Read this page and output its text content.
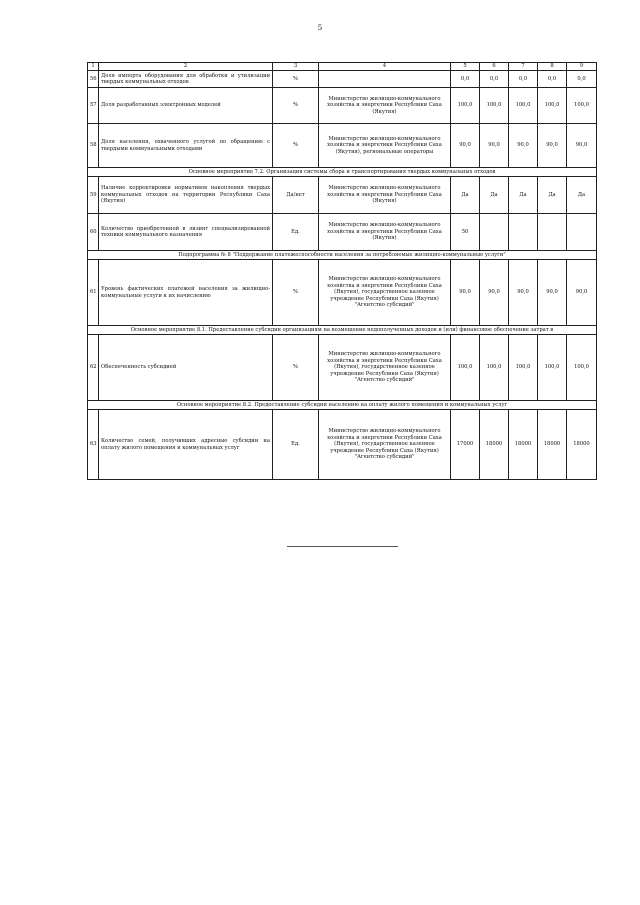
5
1	2	3	4	5	6	7	8	9
56	Доля импорта оборудования для обработки и утилизации твердых коммунальных отходов	%		0,0	0,0	0,0	0,0	0,0
57	Доля разработанных электронных моделей	%	Министерство жилищно-коммунального хозяйства и энергетики Республики Саха (Якутия)	100,0	100,0	100,0	100,0	100,0
58	Доля населения, охваченного услугой по обращению с твердыми коммунальными отходами	%	Министерство жилищно-коммунального хозяйства и энергетики Республики Саха (Якутия), региональные операторы	90,0	90,0	90,0	90,0	90,0
Основное мероприятие 7.2. Организация системы сбора и транспортирования твердых коммунальных отходов								
59	Наличие корректировки нормативов накопления твердых коммунальных отходов на территории Республики Саха (Якутия)	Да/нет	Министерство жилищно-коммунального хозяйства и энергетики Республики Саха (Якутия)	Да	Да	Да	Да	Да
60	Количество приобретенной в лизинг специализированной техники коммунального назначения	Ед.	Министерство жилищно-коммунального хозяйства и энергетики Республики Саха (Якутия)	50				
Подпрограмма № 8 "Поддержание платежеспособности населения за потребляемые жилищно-коммунальные услуги"								
61	Уровень фактических платежей населения за жилищно-коммунальные услуги к их начислению	%	Министерство жилищно-коммунального хозяйства и энергетики Республики Саха (Якутия), государственное казенное учреждение Республики Саха (Якутия) "Агентство субсидий"	90,0	90,0	90,0	90,0	90,0
Основное мероприятие 8.1. Предоставление субсидии организациям на возмещение недополученных доходов и (или) финансовое обеспечение затрат в								
62	Обеспеченность субсидией	%	Министерство жилищно-коммунального хозяйства и энергетики Республики Саха (Якутия), государственное казенное учреждение Республики Саха (Якутия) "Агентство субсидий"	100,0	100,0	100,0	100,0	100,0
Основное мероприятие 8.2. Предоставление субсидии населению на оплату жилого помещения и коммунальных услуг								
63	Количество семей, получивших адресные субсидии на оплату жилого помещения и коммунальных услуг	Ед.	Министерство жилищно-коммунального хозяйства и энергетики Республики Саха (Якутия), государственное казенное учреждение Республики Саха (Якутия) "Агентство субсидий"	17000	18000	18000	18000	18000
